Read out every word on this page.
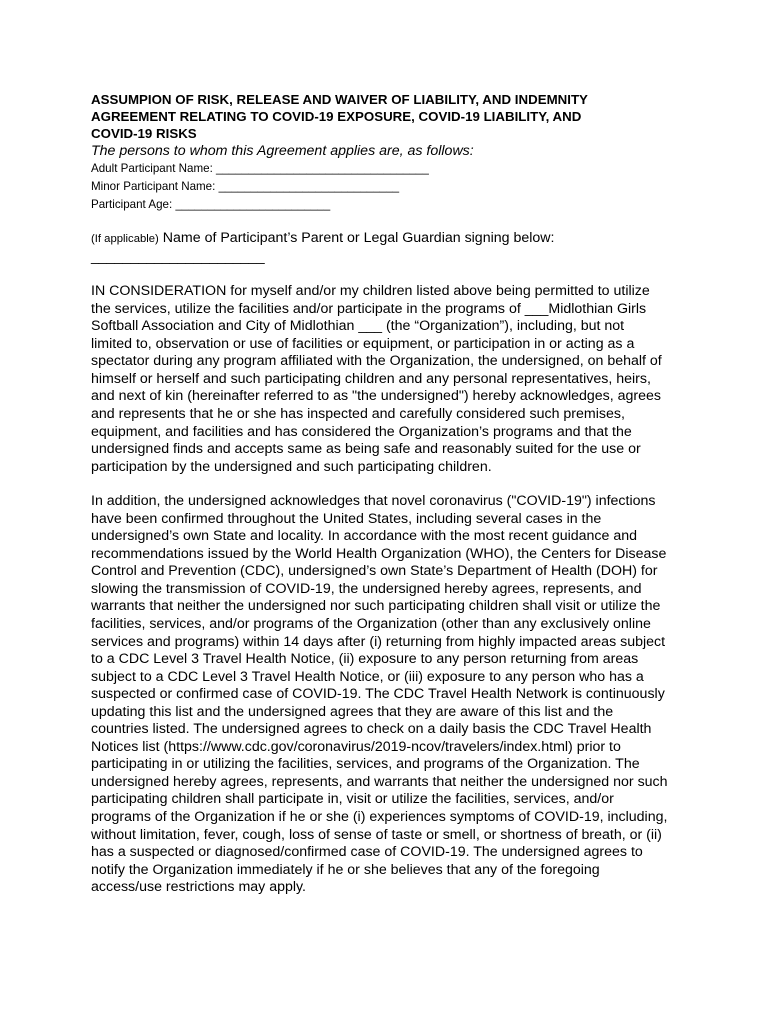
ASSUMPION OF RISK, RELEASE AND WAIVER OF LIABILITY, AND INDEMNITY
AGREEMENT RELATING TO COVID-19 EXPOSURE, COVID-19 LIABILITY, AND
COVID-19 RISKS

The persons to whom this Agreement applies are, as follows:

Adult Participant Name: _________________________________

Minor Participant Name: ____________________________

Participant Age: ________________________

(If applicable) Name of Participant’s Parent or Legal Guardian signing below:
______________________

IN CONSIDERATION for myself and/or my children listed above being permitted to utilize
the services, utilize the facilities and/or participate in the programs of ___Midlothian Girls
Softball Association and City of Midlothian ___ (the “Organization”), including, but not
limited to, observation or use of facilities or equipment, or participation in or acting as a
spectator during any program affiliated with the Organization, the undersigned, on behalf of
himself or herself and such participating children and any personal representatives, heirs,
and next of kin (hereinafter referred to as "the undersigned") hereby acknowledges, agrees
and represents that he or she has inspected and carefully considered such premises,
equipment, and facilities and has considered the Organization’s programs and that the
undersigned finds and accepts same as being safe and reasonably suited for the use or
participation by the undersigned and such participating children.

In addition, the undersigned acknowledges that novel coronavirus ("COVID-19") infections
have been confirmed throughout the United States, including several cases in the
undersigned’s own State and locality. In accordance with the most recent guidance and
recommendations issued by the World Health Organization (WHO), the Centers for Disease
Control and Prevention (CDC), undersigned’s own State’s Department of Health (DOH) for
slowing the transmission of COVID-19, the undersigned hereby agrees, represents, and
warrants that neither the undersigned nor such participating children shall visit or utilize the
facilities, services, and/or programs of the Organization (other than any exclusively online
services and programs) within 14 days after (i) returning from highly impacted areas subject
to a CDC Level 3 Travel Health Notice, (ii) exposure to any person returning from areas
subject to a CDC Level 3 Travel Health Notice, or (iii) exposure to any person who has a
suspected or confirmed case of COVID-19. The CDC Travel Health Network is continuously
updating this list and the undersigned agrees that they are aware of this list and the
countries listed. The undersigned agrees to check on a daily basis the CDC Travel Health
Notices list (https://www.cdc.gov/coronavirus/2019-ncov/travelers/index.html) prior to
participating in or utilizing the facilities, services, and programs of the Organization. The
undersigned hereby agrees, represents, and warrants that neither the undersigned nor such
participating children shall participate in, visit or utilize the facilities, services, and/or
programs of the Organization if he or she (i) experiences symptoms of COVID-19, including,
without limitation, fever, cough, loss of sense of taste or smell, or shortness of breath, or (ii)
has a suspected or diagnosed/confirmed case of COVID-19. The undersigned agrees to
notify the Organization immediately if he or she believes that any of the foregoing
access/use restrictions may apply.
